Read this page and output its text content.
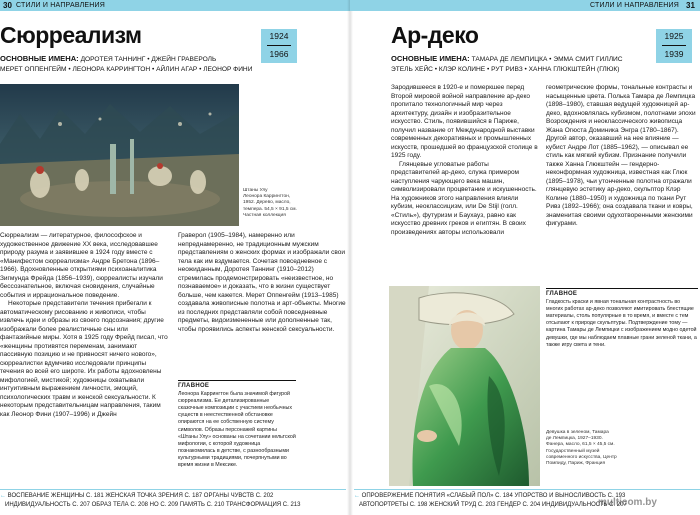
30 СТИЛИ И НАПРАВЛЕНИЯ
Сюрреализм	1924
1966
ОСНОВНЫЕ ИМЕНА: ДОРОТЕЯ ТАННИНГ • ДЖЕЙН ГРАВЕРОЛЬ
МЕРЕТ ОППЕНГЕЙМ • ЛЕОНОРА КАРРИНГТОН • АЙЛИН АГАР • ЛЕОНОР ФИНИ
Штаны Улу
Леонора Каррингтон,
1952. Дерево, масло,
темпера. 54,5 × 91,5 см.
Частная коллекция

Сюрреализм — литературное, философское и художественное движение XX века, исследовавшее природу разума и заявившее в 1924 году вместе с «Манифестом сюрреализма» Андре Бретона (1896–1966). Вдохновленные открытиями психоаналитика Зигмунда Фрейда (1856–1939), сюрреалисты изучали бессознательное, включая сновидения, случайные события и иррациональное поведение.

Некоторые представители течения прибегали к автоматическому рисованию и живописи, чтобы извлечь идеи и образы из своего подсознания; другие изображали более реалистичные сны или фантазийные миры. Хотя в 1925 году Фрейд писал, что «женщины противятся переменам, занимают пассивную позицию и не привносят ничего нового», сюрреалистки вдумчиво исследовали принципы течения во всей его широте. Их работы вдохновлены мифологией, мистикой; художницы охватывали интуитивным выражением личности, эмоций, психологических травм и женской сексуальности. К некоторым представительницам направления, таким как Леонор Фини (1907–1996) и Джейн

Граверол (1905–1984), намеренно или непреднамеренно, не традиционным мужским представлениям о женских формах и изображали свои тела как им вздумается. Сочетая повседневное с неожиданным, Доротея Таннинг (1910–2012) стремилась продемонстрировать «неизвестное, но познаваемое» и доказать, что в жизни существует больше, чем кажется. Мерет Оппенгейм (1913–1985) создавала живописные полотна и арт-объекты. Многие из последних представляли собой повседневные предметы, видоизмененные или дополненные так, чтобы проявились аспекты женской сексуальности.

ГЛАВНОЕ
Леонора Каррингтон была значимой фигурой сюрреализма. Ее детализированные сказочные композиции с участием необычных существ в неестественной обстановке опираются на ее собственную систему символов. Образы персонажей картины «Штаны Улу» основаны на сочетании кельтской мифологии, с которой художница познакомилась в детстве, с разнообразными культурными традициями, почерпнутыми во время жизни в Мексике.
← ВОСПЕВАНИЕ ЖЕНЩИНЫ С. 181 ЖЕНСКАЯ ТОЧКА ЗРЕНИЯ С. 187 ОРГАНЫ ЧУВСТВ С. 202
ИНДИВИДУАЛЬНОСТЬ С. 207 ОБРАЗ ТЕЛА С. 208 НО С. 209 ПАМЯТЬ С. 210 ТРАНСФОРМАЦИЯ С. 213
СТИЛИ И НАПРАВЛЕНИЯ 31
Ар-деко	1925
1939
ОСНОВНЫЕ ИМЕНА: ТАМАРА ДЕ ЛЕМПИЦКА • ЭММА СМИТ ГИЛЛИС
ЭТЕЛЬ ХЕЙС • КЛЭР КОЛИНЕ • РУТ РИВЗ • ХАННА ГЛЮКШТЕЙН (ГЛЮК)

Зародившееся в 1920-е и померкшее перед Второй мировой войной направление ар-деко пропитало технологичный мир через архитектуру, дизайн и изобразительное искусство. Стиль, появившийся в Париже, получил название от Международной выставки современных декоративных и промышленных искусств, прошедшей во французской столице в 1925 году.

Глянцевые угловатые работы представителей ар-деко, служа примером наступления чарующего века машин, символизировали процветание и искушенность. На художников этого направления влияли кубизм, неоклассицизм, или De Stijl (голл. «Стиль»), футуризм и Баухауз, равно как искусство древних греков и египтян. В своих произведениях авторы использовали

геометрические формы, тональные контрасты и насыщенные цвета. Полька Тамара де Лемпицка (1898–1980), ставшая ведущей художницей ар-деко, вдохновлялась кубизмом, полотнами эпохи Возрождения и неоклассического живописца Жана Огюста Доминика Энгра (1780–1867). Другой автор, оказавший на нее влияние — кубист Андре Лот (1885–1962), — описывал ее стиль как мягкий кубизм. Признание получили также Ханна Глюкштейн — гендерно-неконформная художница, известная как Глюк (1895–1978), чьи утонченные полотна отражали глянцевую эстетику ар-деко, скульптор Клэр Колине (1880–1950) и художница по ткани Рут Ривз (1892–1966); она создавала ткани и ковры, знаменитая своими одухотворенными женскими фигурами.

ГЛАВНОЕ
Гладкость краски и явная тональная контрастность во многих работах ар-деко позволяют имитировать блестящие материалы, столь популярные в то время, и вместе с тем отсылают к природе скульптуры. Подтверждение тому — картина Тамары де Лемпицки с изображением модно одетой девушки, где мы наблюдаем плавные грани зеленой ткани, а также игру света и тени.
Девушка в зеленом, Тамара
де Лемпицка, 1927–1930.
Фанера, масло, 61,5 × 45,5 см.
Государственный музей
современного искусства, Центр
Помпиду, Париж, Франция
← ОПРОВЕРЖЕНИЕ ПОНЯТИЯ «СЛАБЫЙ ПОЛ» С. 184 УПОРСТВО И ВЫНОСЛИВОСТЬ С. 193
АВТОПОРТРЕТЫ С. 198 ЖЕНСКИЙ ТРУД С. 203 ГЕНДЕР С. 204 ИНДИВИДУАЛЬНОСТЬ С. 207
multicom.by
